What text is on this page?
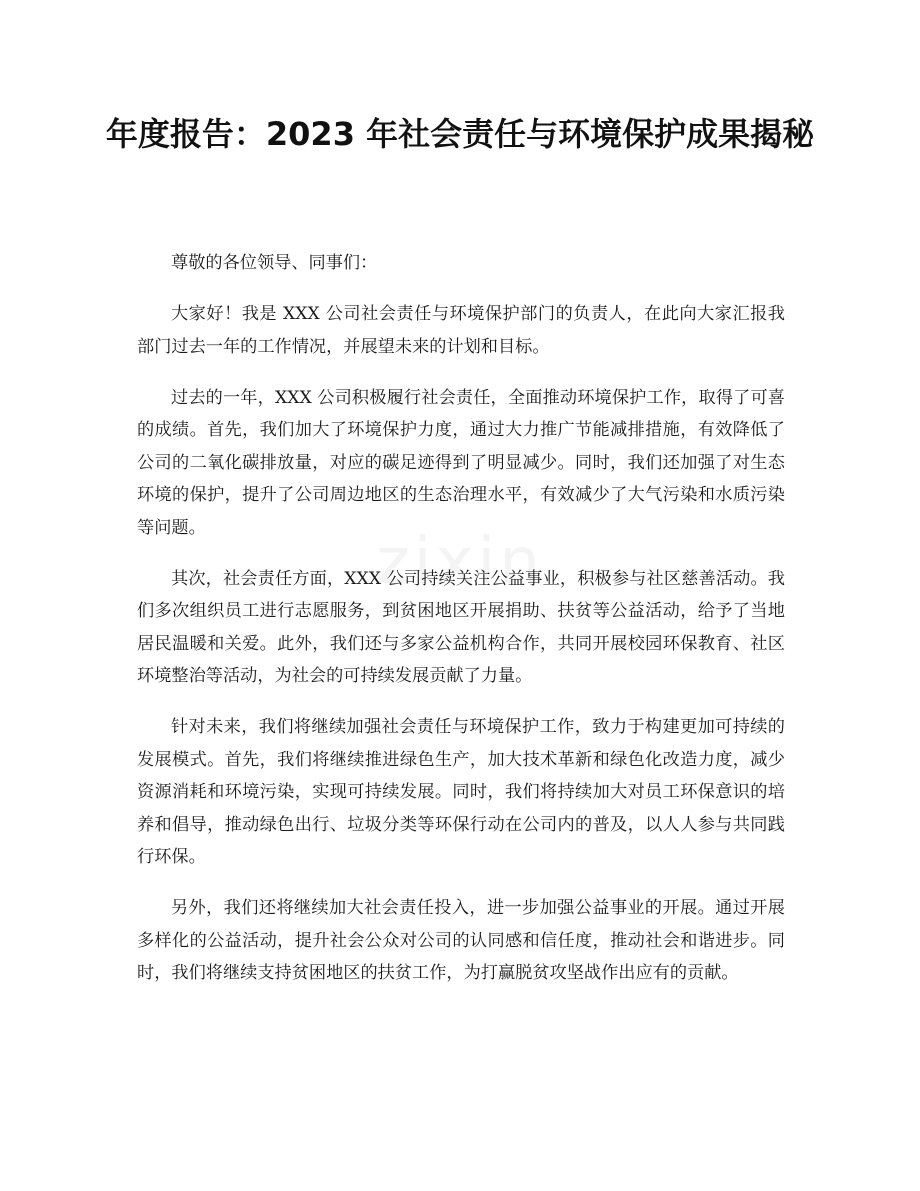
zixin
年度报告：2023 年社会责任与环境保护成果揭秘

尊敬的各位领导、同事们：

大家好！我是 XXX 公司社会责任与环境保护部门的负责人，在此向大家汇报我部门过去一年的工作情况，并展望未来的计划和目标。

过去的一年，XXX 公司积极履行社会责任，全面推动环境保护工作，取得了可喜的成绩。首先，我们加大了环境保护力度，通过大力推广节能减排措施，有效降低了公司的二氧化碳排放量，对应的碳足迹得到了明显减少。同时，我们还加强了对生态环境的保护，提升了公司周边地区的生态治理水平，有效减少了大气污染和水质污染等问题。

其次，社会责任方面，XXX 公司持续关注公益事业，积极参与社区慈善活动。我们多次组织员工进行志愿服务，到贫困地区开展捐助、扶贫等公益活动，给予了当地居民温暖和关爱。此外，我们还与多家公益机构合作，共同开展校园环保教育、社区环境整治等活动，为社会的可持续发展贡献了力量。

针对未来，我们将继续加强社会责任与环境保护工作，致力于构建更加可持续的发展模式。首先，我们将继续推进绿色生产，加大技术革新和绿色化改造力度，减少资源消耗和环境污染，实现可持续发展。同时，我们将持续加大对员工环保意识的培养和倡导，推动绿色出行、垃圾分类等环保行动在公司内的普及，以人人参与共同践行环保。

另外，我们还将继续加大社会责任投入，进一步加强公益事业的开展。通过开展多样化的公益活动，提升社会公众对公司的认同感和信任度，推动社会和谐进步。同时，我们将继续支持贫困地区的扶贫工作，为打赢脱贫攻坚战作出应有的贡献。
